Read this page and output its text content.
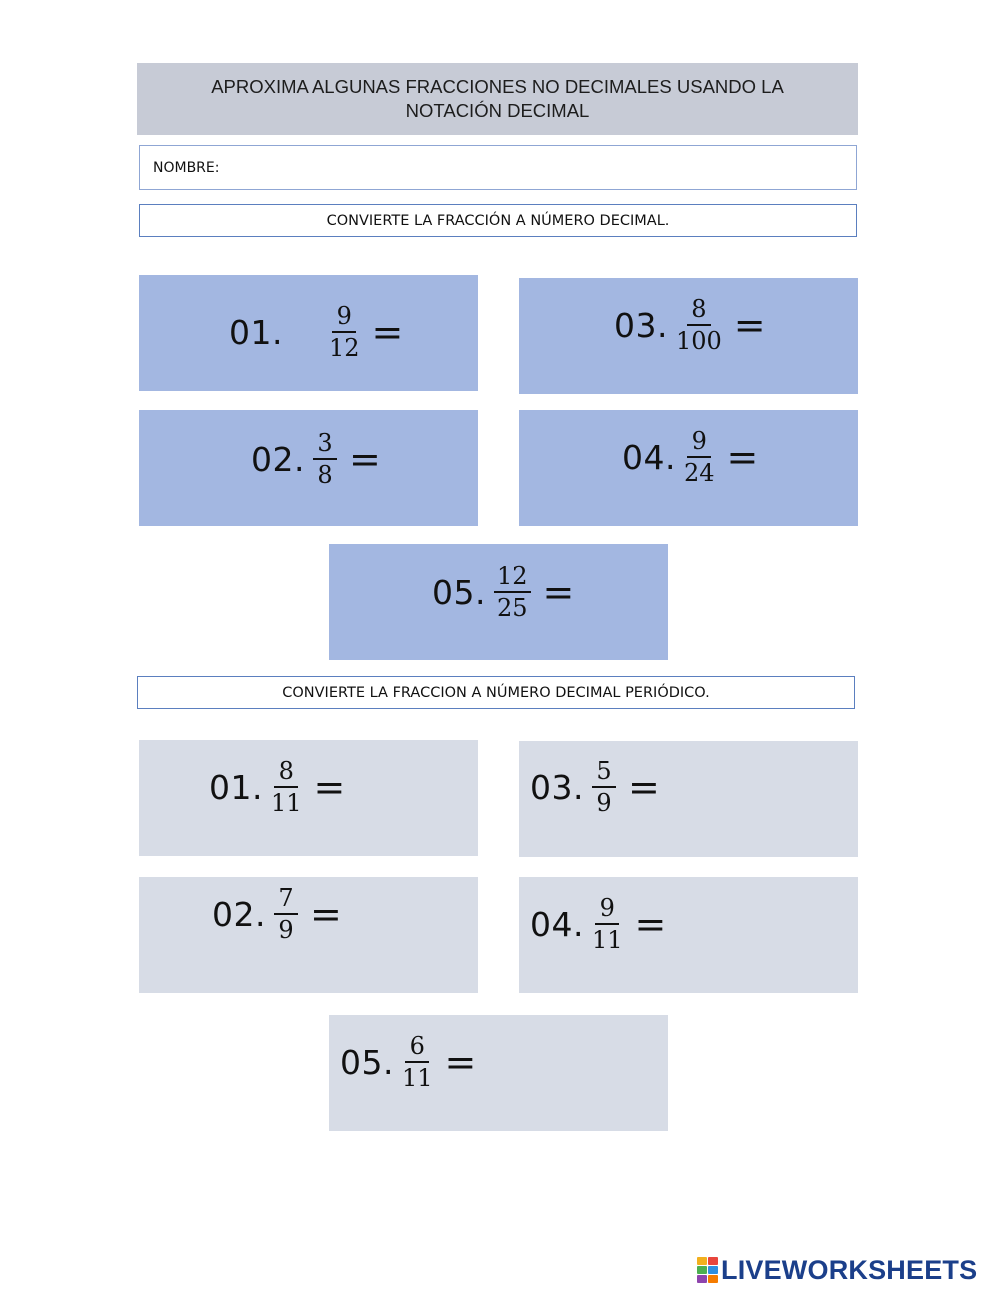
APROXIMA ALGUNAS FRACCIONES NO DECIMALES USANDO LA NOTACIÓN DECIMAL
NOMBRE:
CONVIERTE LA FRACCIÓN A NÚMERO DECIMAL.
01. $\frac{9}{12}$ =
02. $\frac{3}{8}$ =
03. $\frac{8}{100}$ =
04. $\frac{9}{24}$ =
05. $\frac{12}{25}$ =
CONVIERTE LA FRACCION A NÚMERO DECIMAL PERIÓDICO.
01. $\frac{8}{11}$ =
02. $\frac{7}{9}$ =
03. $\frac{5}{9}$ =
04. $\frac{9}{11}$ =
05. $\frac{6}{11}$ =
LIVEWORKSHEETS
